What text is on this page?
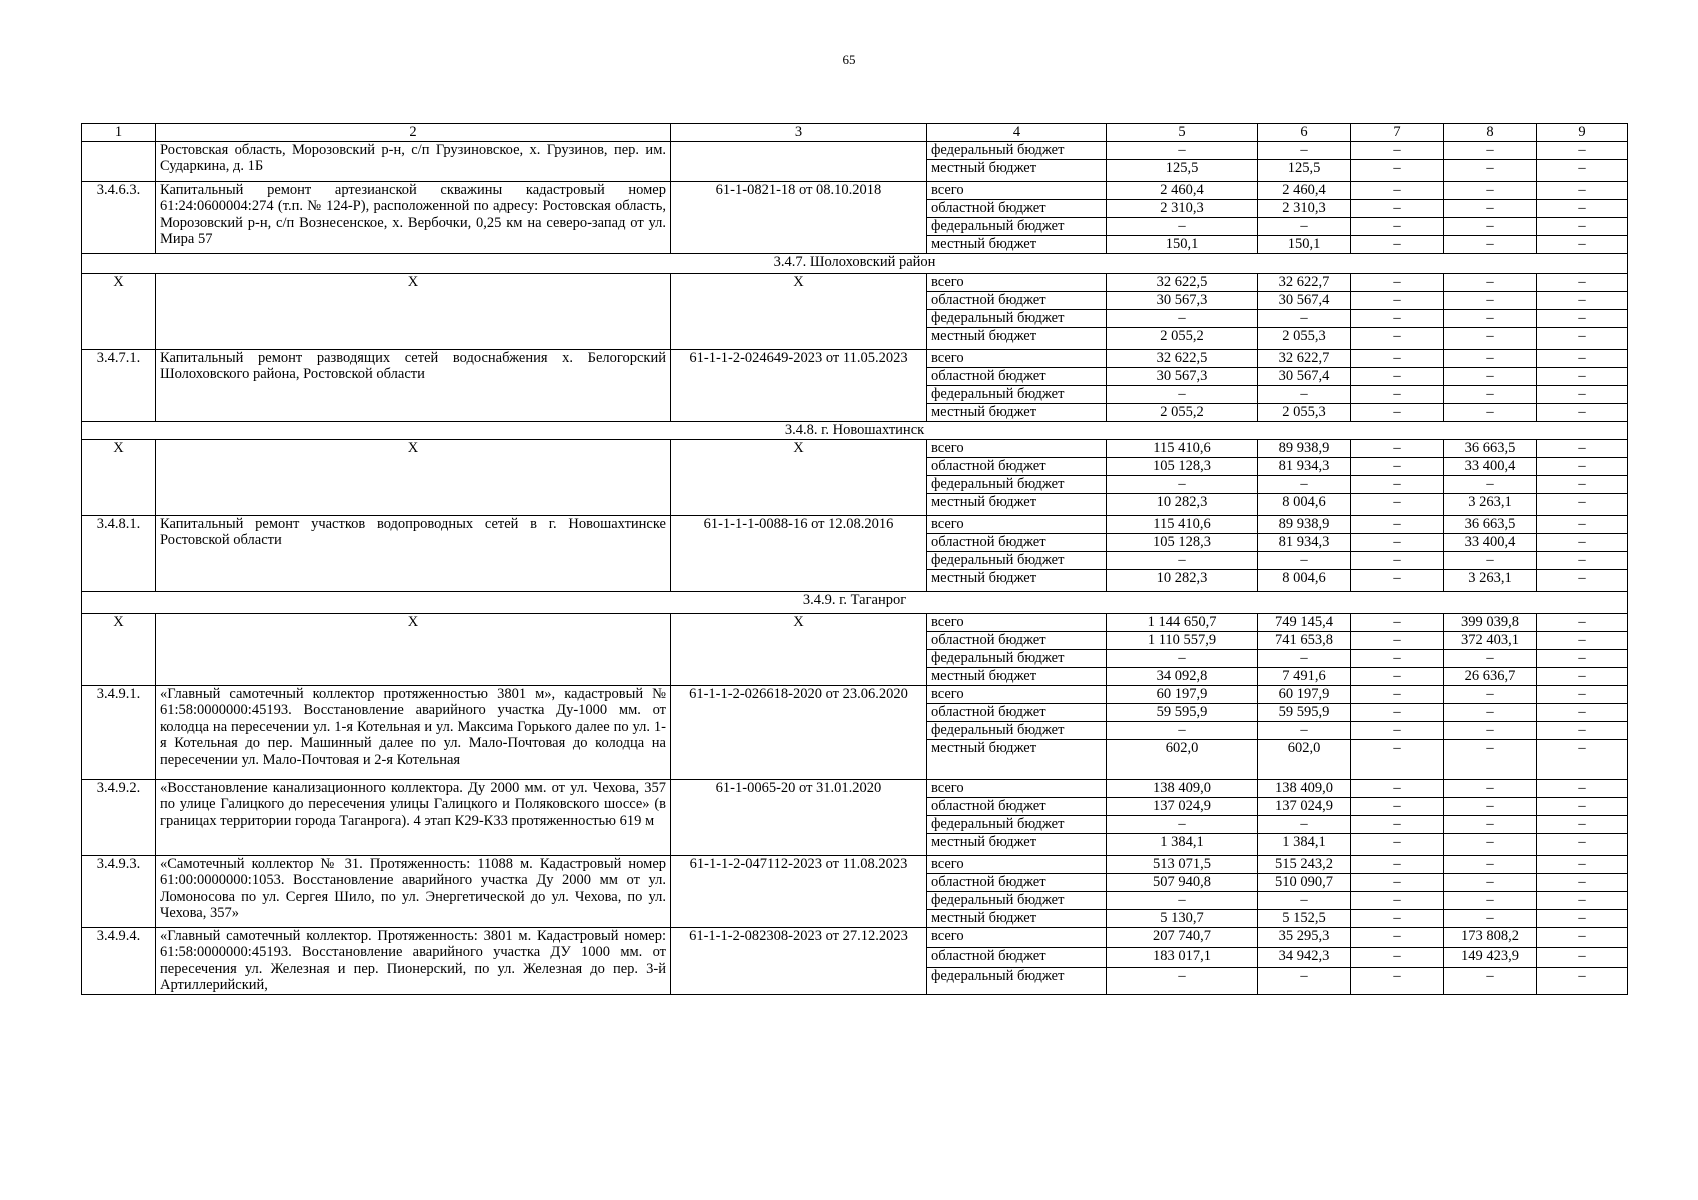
65
1	2	3	4	5	6	7	8	9
	Ростовская область, Морозовский р-н, с/п Грузиновское, х. Грузинов, пер. им. Сударкина, д. 1Б		федеральный бюджет	–	–	–	–	–
			местный бюджет	125,5	125,5	–	–	–
3.4.6.3.	Капитальный ремонт артезианской скважины кадастровый номер 61:24:0600004:274 (т.п. № 124-Р), расположенной по адресу: Ростовская область, Морозовский р-н, с/п Вознесенское, х. Вербочки, 0,25 км на северо-запад от ул. Мира 57	61-1-0821-18 от 08.10.2018	всего	2 460,4	2 460,4	–	–	–
			областной бюджет	2 310,3	2 310,3	–	–	–
			федеральный бюджет	–	–	–	–	–
			местный бюджет	150,1	150,1	–	–	–
3.4.7. Шолоховский район								
Х	Х	Х	всего	32 622,5	32 622,7	–	–	–
			областной бюджет	30 567,3	30 567,4	–	–	–
			федеральный бюджет	–	–	–	–	–
			местный бюджет	2 055,2	2 055,3	–	–	–
3.4.7.1.	Капитальный ремонт разводящих сетей водоснабжения х. Белогорский Шолоховского района, Ростовской области	61-1-1-2-024649-2023 от 11.05.2023	всего	32 622,5	32 622,7	–	–	–
			областной бюджет	30 567,3	30 567,4	–	–	–
			федеральный бюджет	–	–	–	–	–
			местный бюджет	2 055,2	2 055,3	–	–	–
3.4.8. г. Новошахтинск								
Х	Х	Х	всего	115 410,6	89 938,9	–	36 663,5	–
			областной бюджет	105 128,3	81 934,3	–	33 400,4	–
			федеральный бюджет	–	–	–	–	–
			местный бюджет	10 282,3	8 004,6	–	3 263,1	–
3.4.8.1.	Капитальный ремонт участков водопроводных сетей в г. Новошахтинске Ростовской области	61-1-1-1-0088-16 от 12.08.2016	всего	115 410,6	89 938,9	–	36 663,5	–
			областной бюджет	105 128,3	81 934,3	–	33 400,4	–
			федеральный бюджет	–	–	–	–	–
			местный бюджет	10 282,3	8 004,6	–	3 263,1	–
3.4.9. г. Таганрог								
Х	Х	Х	всего	1 144 650,7	749 145,4	–	399 039,8	–
			областной бюджет	1 110 557,9	741 653,8	–	372 403,1	–
			федеральный бюджет	–	–	–	–	–
			местный бюджет	34 092,8	7 491,6	–	26 636,7	–
3.4.9.1.	«Главный самотечный коллектор протяженностью 3801 м», кадастровый № 61:58:0000000:45193. Восстановление аварийного участка Ду-1000 мм. от колодца на пересечении ул. 1-я Котельная и ул. Максима Горького далее по ул. 1-я Котельная до пер. Машинный далее по ул. Мало-Почтовая до колодца на пересечении ул. Мало-Почтовая и 2-я Котельная	61-1-1-2-026618-2020 от 23.06.2020	всего	60 197,9	60 197,9	–	–	–
			областной бюджет	59 595,9	59 595,9	–	–	–
			федеральный бюджет	–	–	–	–	–
			местный бюджет	602,0	602,0	–	–	–
3.4.9.2.	«Восстановление канализационного коллектора. Ду 2000 мм. от ул. Чехова, 357 по улице Галицкого до пересечения улицы Галицкого и Поляковского шоссе» (в границах территории города Таганрога). 4 этап К29-К33 протяженностью 619 м	61-1-0065-20 от 31.01.2020	всего	138 409,0	138 409,0	–	–	–
			областной бюджет	137 024,9	137 024,9	–	–	–
			федеральный бюджет	–	–	–	–	–
			местный бюджет	1 384,1	1 384,1	–	–	–
3.4.9.3.	«Самотечный коллектор № 31. Протяженность: 11088 м. Кадастровый номер 61:00:0000000:1053. Восстановление аварийного участка Ду 2000 мм от ул. Ломоносова по ул. Сергея Шило, по ул. Энергетической до ул. Чехова, по ул. Чехова, 357»	61-1-1-2-047112-2023 от 11.08.2023	всего	513 071,5	515 243,2	–	–	–
			областной бюджет	507 940,8	510 090,7	–	–	–
			федеральный бюджет	–	–	–	–	–
			местный бюджет	5 130,7	5 152,5	–	–	–
3.4.9.4.	«Главный самотечный коллектор. Протяженность: 3801 м. Кадастровый номер: 61:58:0000000:45193. Восстановление аварийного участка ДУ 1000 мм. от пересечения ул. Железная и пер. Пионерский, по ул. Железная до пер. 3-й Артиллерийский,	61-1-1-2-082308-2023 от 27.12.2023	всего	207 740,7	35 295,3	–	173 808,2	–
			областной бюджет	183 017,1	34 942,3	–	149 423,9	–
			федеральный бюджет	–	–	–	–	–
